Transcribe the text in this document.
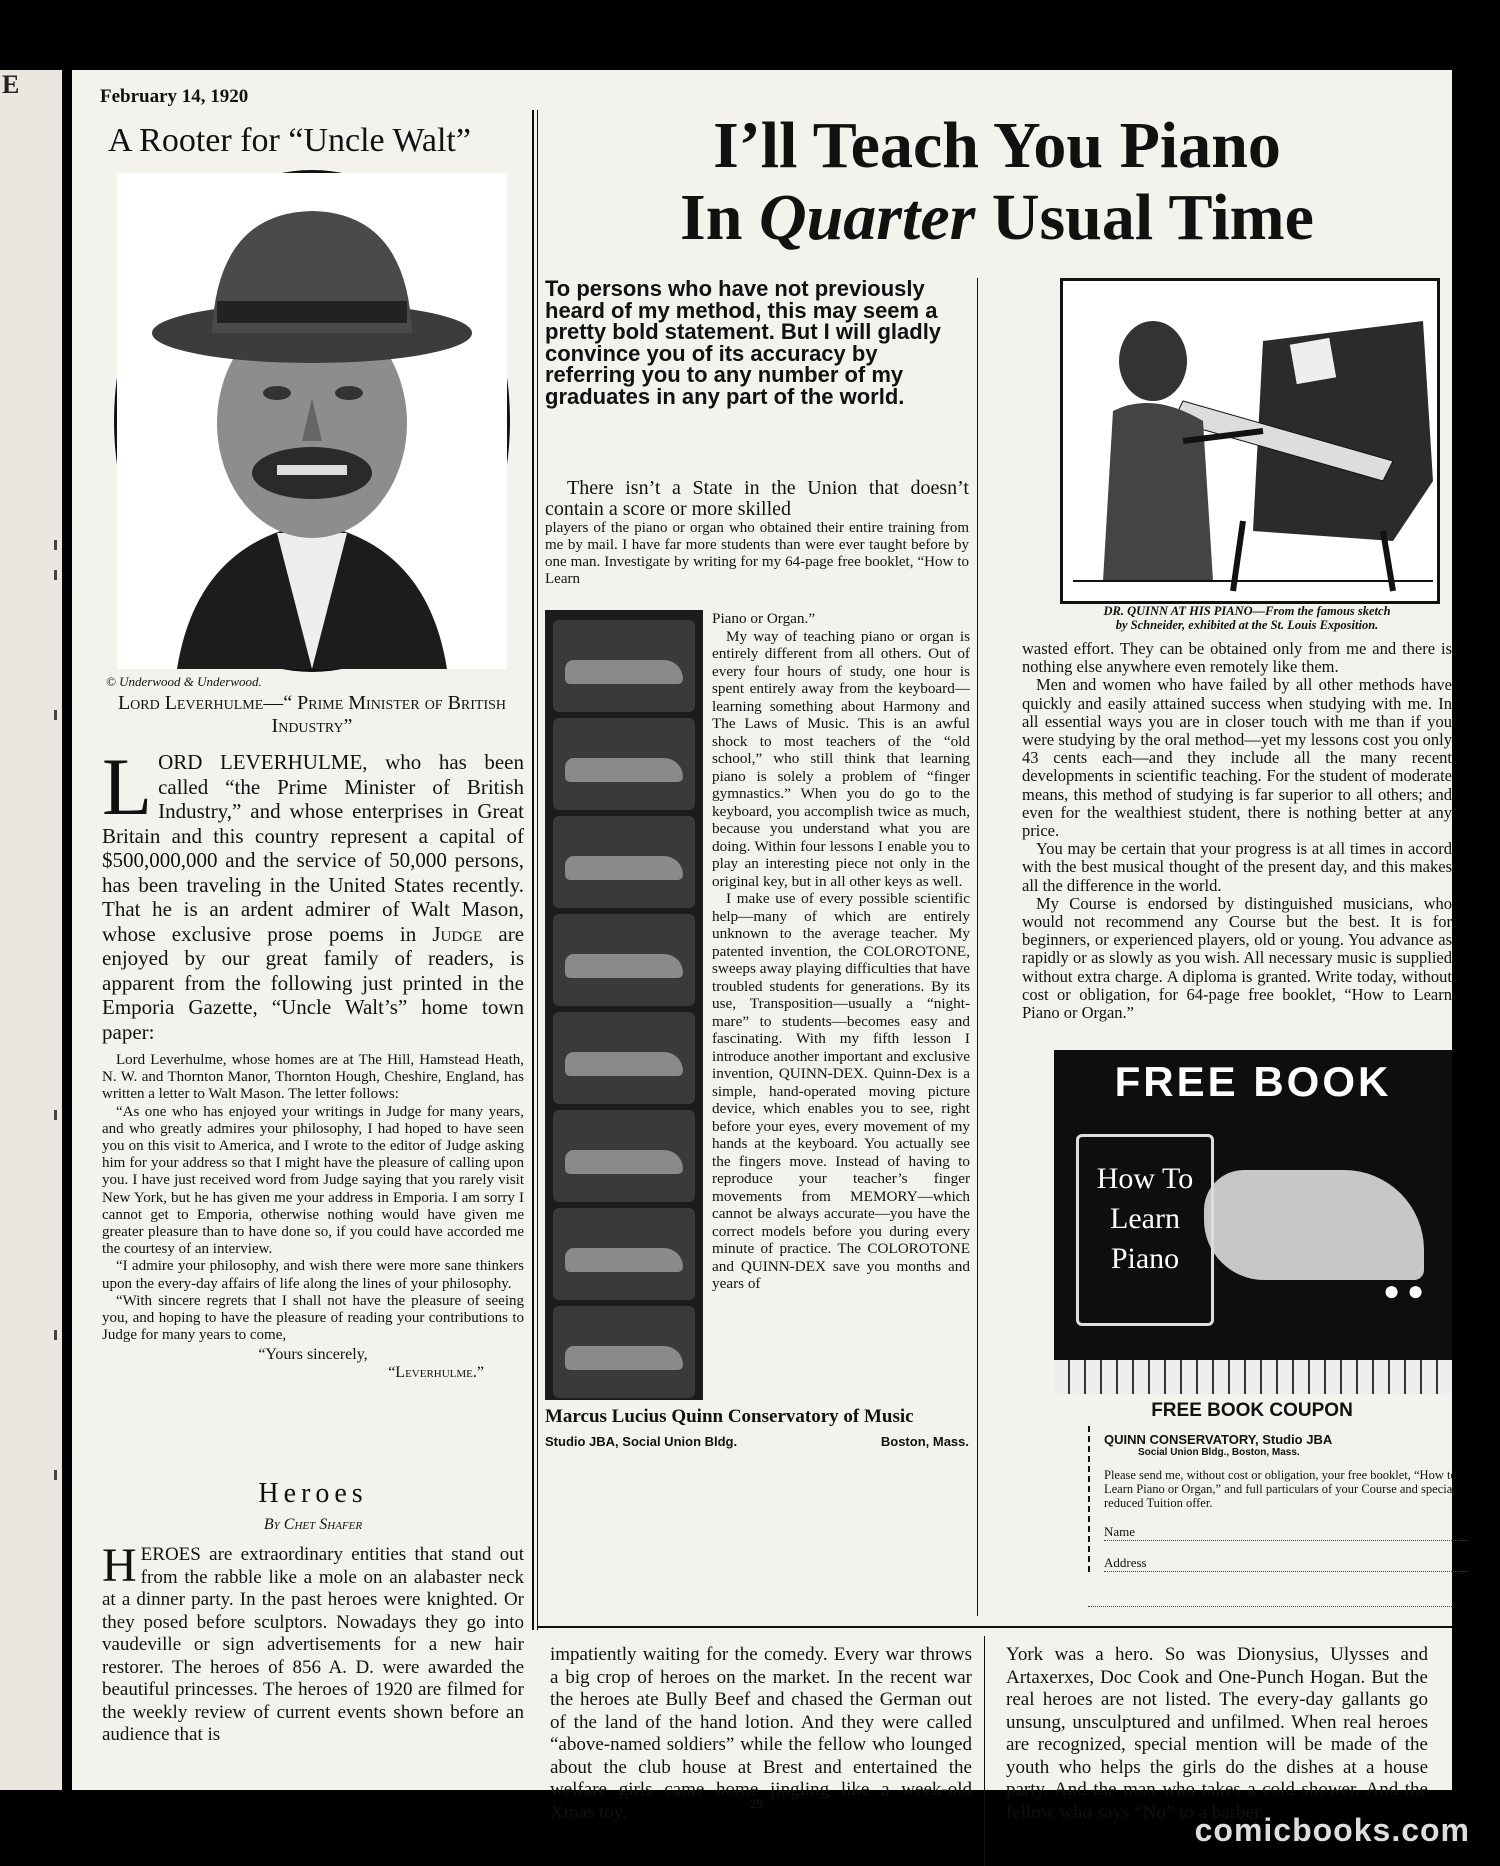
E	February 14, 1920
A Rooter for “Uncle Walt”
© Underwood & Underwood.
Lord Leverhulme—“ Prime Minister of British Industry”

LORD LEVERHULME, who has been called “the Prime Minister of British Industry,” and whose enterprises in Great Britain and this country represent a capital of $500,000,000 and the service of 50,000 persons, has been traveling in the United States recently. That he is an ardent admirer of Walt Mason, whose exclusive prose poems in Judge are enjoyed by our great family of readers, is apparent from the following just printed in the Emporia Gazette, “Uncle Walt’s” home town paper:

Lord Leverhulme, whose homes are at The Hill, Hamstead Heath, N. W. and Thornton Manor, Thornton Hough, Cheshire, England, has written a letter to Walt Mason. The letter follows:

“As one who has enjoyed your writings in Judge for many years, and who greatly admires your philosophy, I had hoped to have seen you on this visit to America, and I wrote to the editor of Judge asking him for your address so that I might have the pleasure of calling upon you. I have just received word from Judge saying that you rarely visit New York, but he has given me your address in Emporia. I am sorry I cannot get to Emporia, otherwise nothing would have given me greater pleasure than to have done so, if you could have accorded me the courtesy of an interview.

“I admire your philosophy, and wish there were more sane thinkers upon the every-day affairs of life along the lines of your philosophy.

“With sincere regrets that I shall not have the pleasure of seeing you, and hoping to have the pleasure of reading your contributions to Judge for many years to come,

“Yours sincerely,
“Leverhulme.”
Heroes
By Chet Shafer
HEROES are extraordinary entities that stand out from the rabble like a mole on an alabaster neck at a dinner party. In the past heroes were knighted. Or they posed before sculptors. Nowadays they go into vaudeville or sign advertisements for a new hair restorer. The heroes of 856 A. D. were awarded the beautiful princesses. The heroes of 1920 are filmed for the weekly review of current events shown before an audience that is
I’ll Teach You Piano
In Quarter Usual Time
To persons who have not previously heard of my method, this may seem a pretty bold statement. But I will gladly convince you of its accuracy by referring you to any number of my graduates in any part of the world.
There isn’t a State in the Union that doesn’t contain a score or more skilled
players of the piano or organ who obtained their entire training from me by mail. I have far more students than were ever taught before by one man. Investigate by writing for my 64-page free booklet, “How to Learn

Piano or Organ.”

My way of teaching piano or organ is entirely different from all others. Out of every four hours of study, one hour is spent entirely away from the keyboard—learning something about Harmony and The Laws of Music. This is an awful shock to most teachers of the “old school,” who still think that learning piano is solely a problem of “finger gymnastics.” When you do go to the keyboard, you accomplish twice as much, because you understand what you are doing. Within four lessons I enable you to play an interesting piece not only in the original key, but in all other keys as well.

I make use of every possible scientific help—many of which are entirely unknown to the average teacher. My patented invention, the COLOROTONE, sweeps away playing difficulties that have troubled students for generations. By its use, Transposition—usually a “night-mare” to students—becomes easy and fascinating. With my fifth lesson I introduce another important and exclusive invention, QUINN-DEX. Quinn-Dex is a simple, hand-operated moving picture device, which enables you to see, right before your eyes, every movement of my hands at the keyboard. You actually see the fingers move. Instead of having to reproduce your teacher’s finger movements from MEMORY—which cannot be always accurate—you have the correct models before you during every minute of practice. The COLOROTONE and QUINN-DEX save you months and years of

Marcus Lucius Quinn Conservatory of Music
Studio JBA, Social Union Bldg.	Boston, Mass.
DR. QUINN AT HIS PIANO—From the famous sketch
by Schneider, exhibited at the St. Louis Exposition.

wasted effort. They can be obtained only from me and there is nothing else anywhere even remotely like them.

Men and women who have failed by all other methods have quickly and easily attained success when studying with me. In all essential ways you are in closer touch with me than if you were studying by the oral method—yet my lessons cost you only 43 cents each—and they include all the many recent developments in scientific teaching. For the student of moderate means, this method of studying is far superior to all others; and even for the wealthiest student, there is nothing better at any price.

You may be certain that your progress is at all times in accord with the best musical thought of the present day, and this makes all the difference in the world.

My Course is endorsed by distinguished musicians, who would not recommend any Course but the best. It is for beginners, or experienced players, old or young. You advance as rapidly or as slowly as you wish. All necessary music is supplied without extra charge. A diploma is granted. Write today, without cost or obligation, for 64-page free booklet, “How to Learn Piano or Organ.”

FREE BOOK
How To
Learn
Piano
● ●
FREE BOOK COUPON
QUINN CONSERVATORY, Studio JBA
Social Union Bldg., Boston, Mass.
Please send me, without cost or obligation, your free booklet, “How to Learn Piano or Organ,” and full particulars of your Course and special reduced Tuition offer.
Name
Address
impatiently waiting for the comedy. Every war throws a big crop of heroes on the market. In the recent war the heroes ate Bully Beef and chased the German out of the land of the hand lotion. And they were called “above-named soldiers” while the fellow who lounged about the club house at Brest and entertained the welfare girls came home jingling like a week-old Xmas toy.
York was a hero. So was Dionysius, Ulysses and Artaxerxes, Doc Cook and One-Punch Hogan. But the real heroes are not listed. The every-day gallants go unsung, unsculptured and unfilmed. When real heroes are recognized, special mention will be made of the youth who helps the girls do the dishes at a house party. And the man who takes a cold shower. And the fellow who says “No” to a barber.
29
comicbooks.com
